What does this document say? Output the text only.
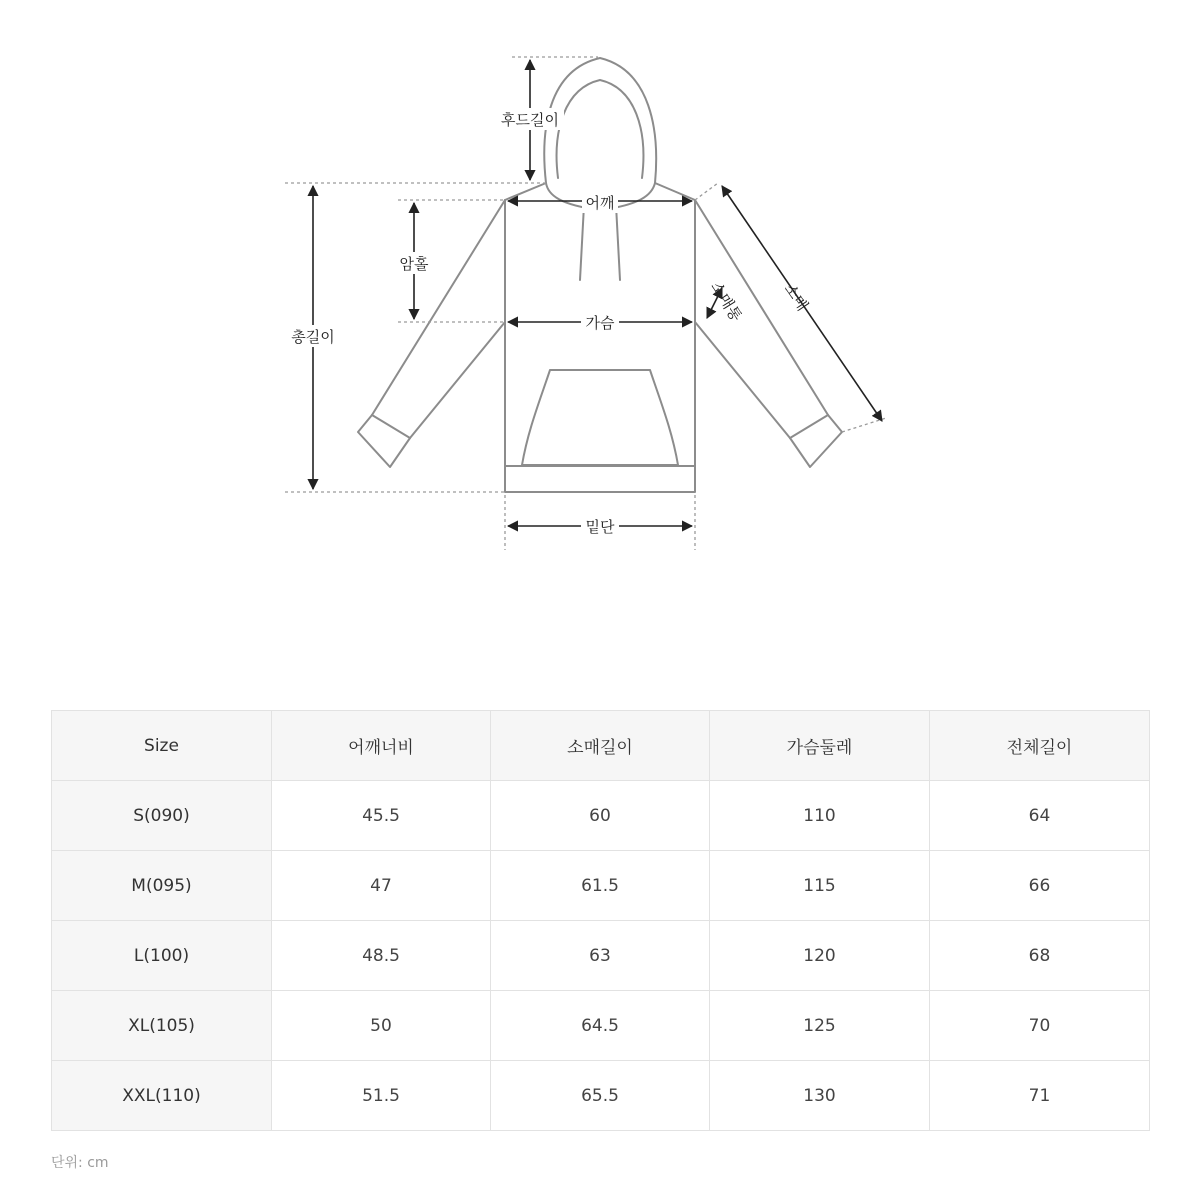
후드길이
어깨
암홀
총길이
가슴	소매통 소매
밑단
Size	어깨너비	소매길이	가슴둘레	전체길이
S(090)	45.5	60	110	64
M(095)	47	61.5	115	66
L(100)	48.5	63	120	68
XL(105)	50	64.5	125	70
XXL(110)	51.5	65.5	130	71
단위: cm
